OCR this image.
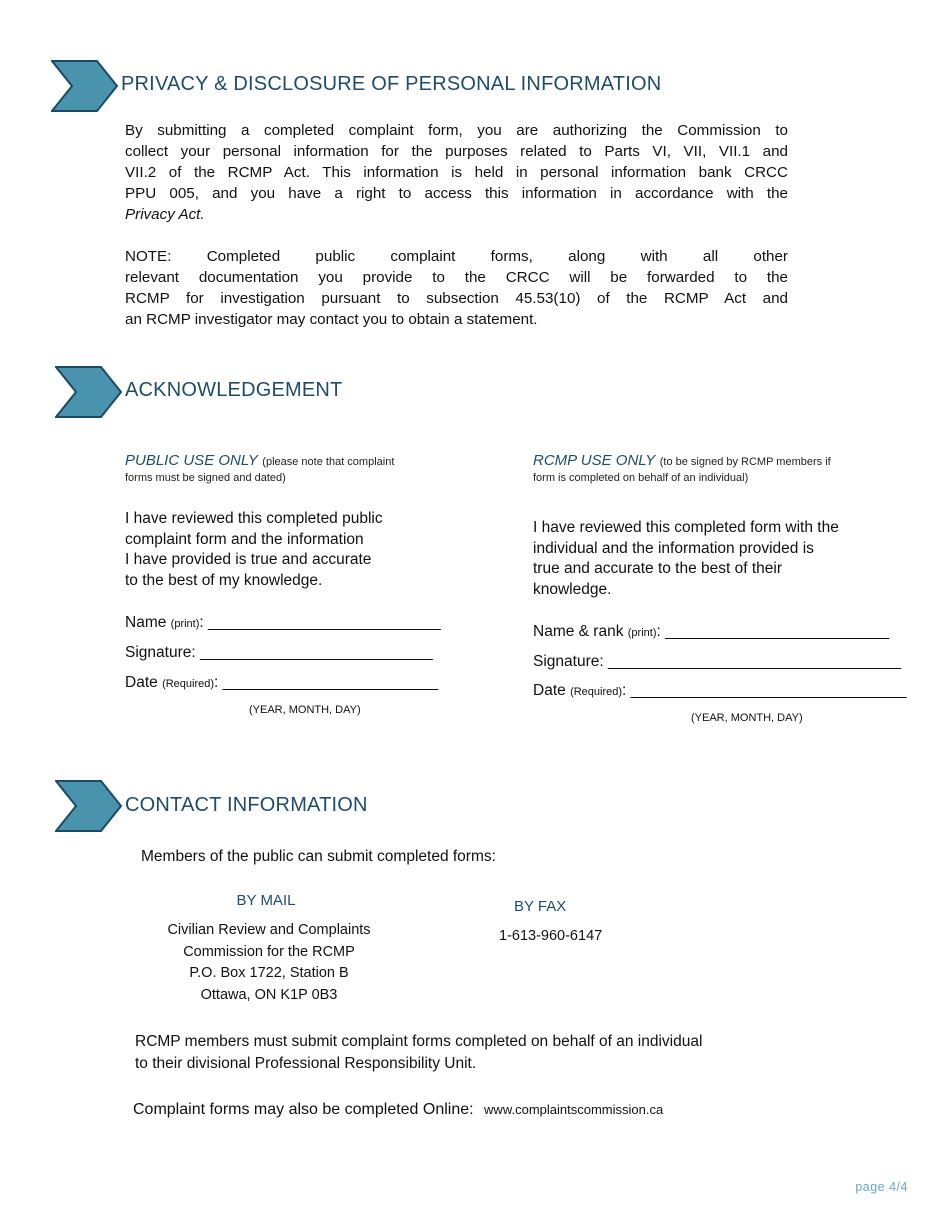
PRIVACY & DISCLOSURE OF PERSONAL INFORMATION
By submitting a completed complaint form, you are authorizing the Commission to
collect your personal information for the purposes related to Parts VI, VII, VII.1 and
VII.2 of the RCMP Act. This information is held in personal information bank CRCC
PPU 005, and you have a right to access this information in accordance with the
Privacy Act.
NOTE: Completed public complaint forms, along with all other
relevant documentation you provide to the CRCC will be forwarded to the
RCMP for investigation pursuant to subsection 45.53(10) of the RCMP Act and
an RCMP investigator may contact you to obtain a statement.
ACKNOWLEDGEMENT
PUBLIC USE ONLY (please note that complaint
forms must be signed and dated)
I have reviewed this completed public
complaint form and the information
I have provided is true and accurate
to the best of my knowledge.
Name (print): ___________________________
Signature: ___________________________
Date (Required): _________________________
(YEAR, MONTH, DAY)
RCMP USE ONLY (to be signed by RCMP members if
form is completed on behalf of an individual)
I have reviewed this completed form with the
individual and the information provided is
true and accurate to the best of their
knowledge.
Name & rank (print): __________________________
Signature: __________________________________
Date (Required): ________________________________
(YEAR, MONTH, DAY)
CONTACT INFORMATION
Members of the public can submit completed forms:
BY MAIL
Civilian Review and Complaints
Commission for the RCMP
P.O. Box 1722, Station B
Ottawa, ON K1P 0B3
BY FAX
1-613-960-6147
RCMP members must submit complaint forms completed on behalf of an individual
to their divisional Professional Responsibility Unit.
Complaint forms may also be completed Online: www.complaintscommission.ca
page 4/4
